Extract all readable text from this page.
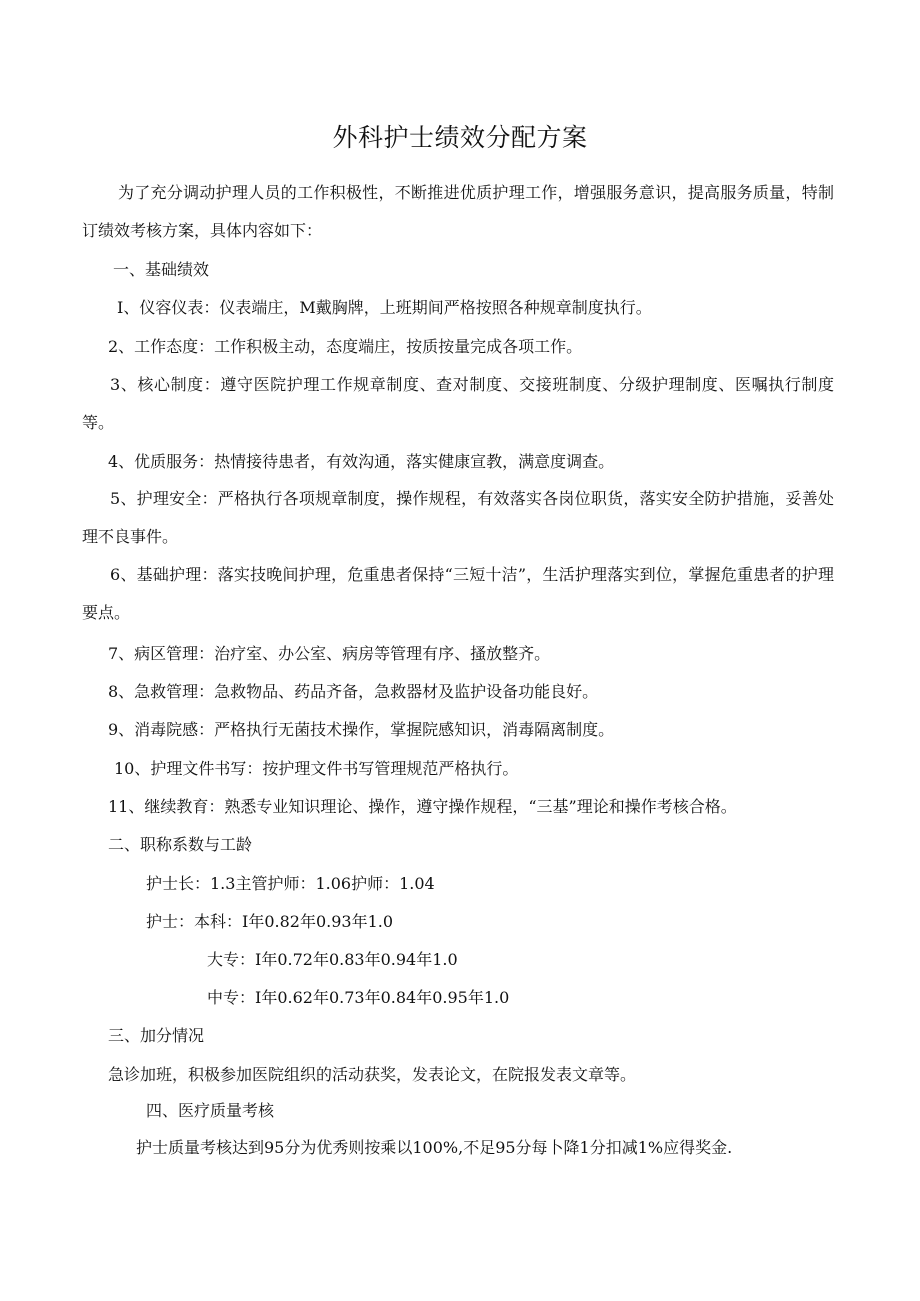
外科护士绩效分配方案
为了充分调动护理人员的工作积极性，不断推进优质护理工作，增强服务意识，提高服务质量，特制订绩效考核方案，具体内容如下：
一、基础绩效
I、仪容仪表：仪表端庄，M戴胸牌，上班期间严格按照各种规章制度执行。
2、工作态度：工作积极主动，态度端庄，按质按量完成各项工作。
3、核心制度：遵守医院护理工作规章制度、查对制度、交接班制度、分级护理制度、医嘱执行制度等。
4、优质服务：热情接待患者，有效沟通，落实健康宣教，满意度调查。
5、护理安全：严格执行各项规章制度，操作规程，有效落实各岗位职货，落实安全防护措施，妥善处理不良事件。
6、基础护理：落实技晚间护理，危重患者保持“三短十洁”，生活护理落实到位，掌握危重患者的护理要点。
7、病区管理：治疗室、办公室、病房等管理有序、搔放整齐。
8、急救管理：急救物品、药品齐备，急救器材及监护设备功能良好。
9、消毒院感：严格执行无菌技术操作，掌握院感知识，消毒隔离制度。
10、护理文件书写：按护理文件书写管理规范严格执行。
11、继续教育：熟悉专业知识理论、操作，遵守操作规程，“三基”理论和操作考核合格。
二、职称系数与工龄
护士长：1.3主管护师：1.06护师：1.04
护士：本科：I年0.82年0.93年1.0
大专：I年0.72年0.83年0.94年1.0
中专：I年0.62年0.73年0.84年0.95年1.0
三、加分情况
急诊加班，积极参加医院组织的活动获奖，发表论文，在院报发表文章等。
四、医疗质量考核
护士质量考核达到95分为优秀则按乘以100%,不足95分每卜降1分扣减1%应得奖金.
